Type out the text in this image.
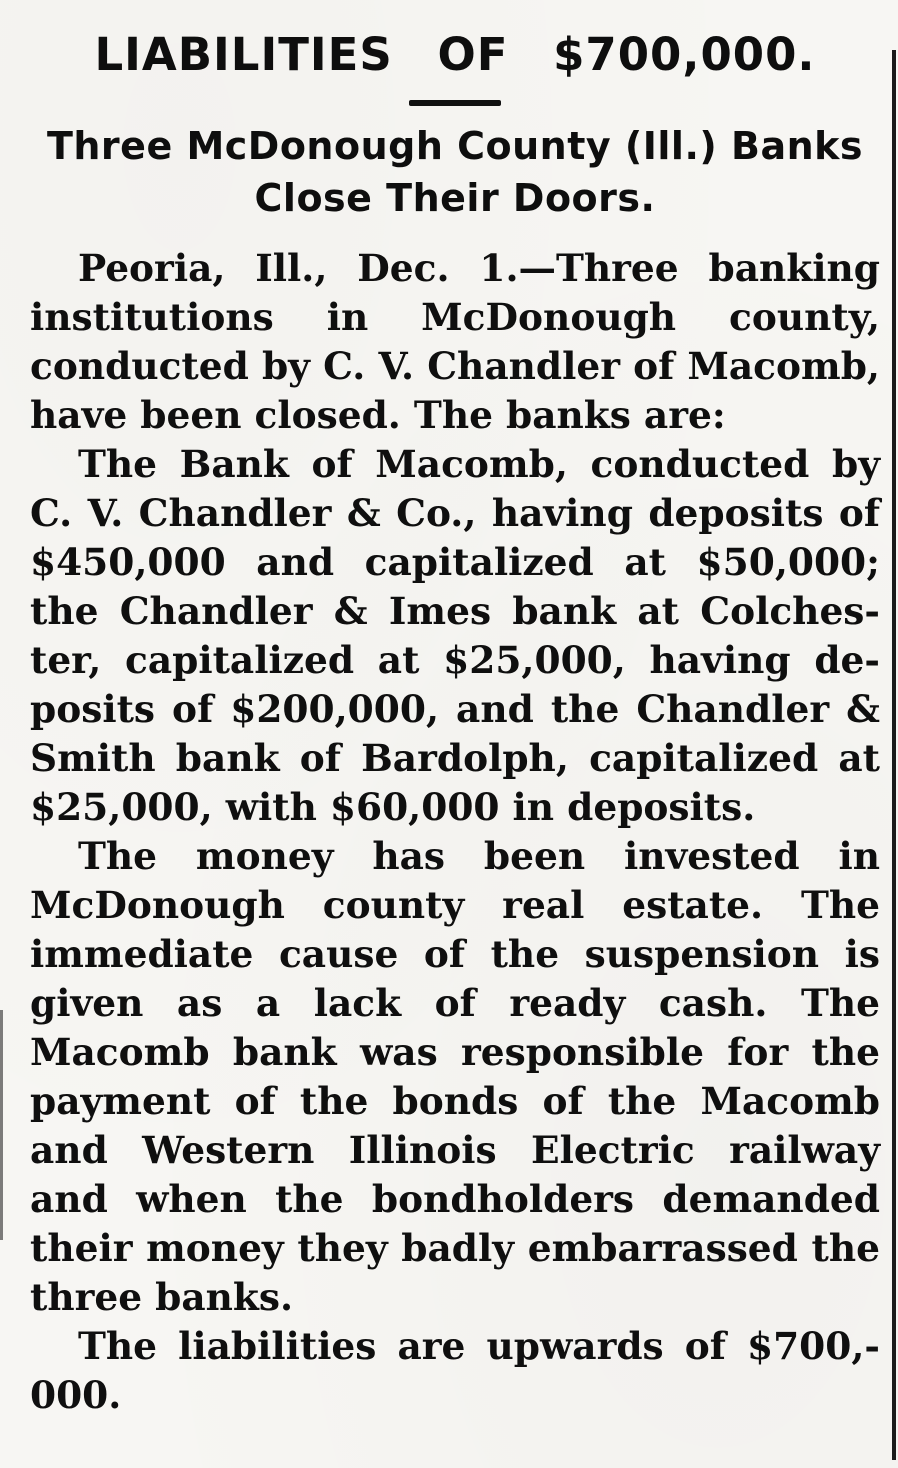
LIABILITIES OF $700,000.
Three McDonough County (Ill.) Banks Close Their Doors.

Peoria, Ill., Dec. 1.—Three banking institutions in McDonough county, conducted by C. V. Chandler of Macomb, have been closed. The banks are:

The Bank of Macomb, conducted by C. V. Chandler & Co., having deposits of $450,000 and capitalized at $50,000; the Chandler & Imes bank at Colchester, capitalized at $25,000, having deposits of $200,000, and the Chandler & Smith bank of Bardolph, capitalized at $25,000, with $60,000 in deposits.

The money has been invested in McDonough county real estate. The immediate cause of the suspension is given as a lack of ready cash. The Macomb bank was responsible for the payment of the bonds of the Macomb and Western Illinois Electric railway and when the bondholders demanded their money they badly embarrassed the three banks.

The liabilities are upwards of $700,000.
